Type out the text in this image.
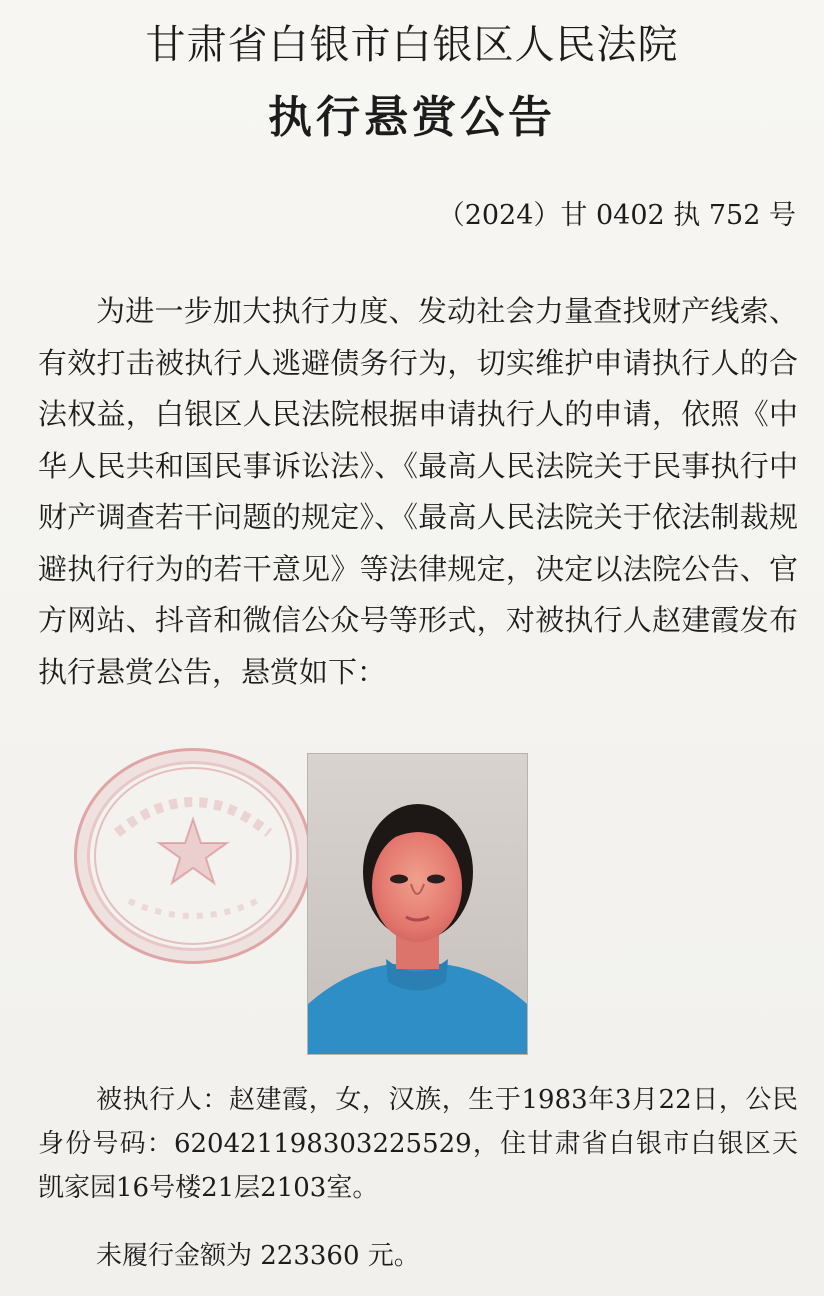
甘肃省白银市白银区人民法院
执行悬赏公告
（2024）甘 0402 执 752 号

为进一步加大执行力度、发动社会力量查找财产线索、有效打击被执行人逃避债务行为，切实维护申请执行人的合法权益，白银区人民法院根据申请执行人的申请，依照《中华人民共和国民事诉讼法》、《最高人民法院关于民事执行中财产调查若干问题的规定》、《最高人民法院关于依法制裁规避执行行为的若干意见》等法律规定，决定以法院公告、官方网站、抖音和微信公众号等形式，对被执行人赵建霞发布执行悬赏公告，悬赏如下：

被执行人：赵建霞，女，汉族，生于1983年3月22日，公民身份号码：620421198303225529，住甘肃省白银市白银区天凯家园16号楼21层2103室。

未履行金额为 223360 元。
